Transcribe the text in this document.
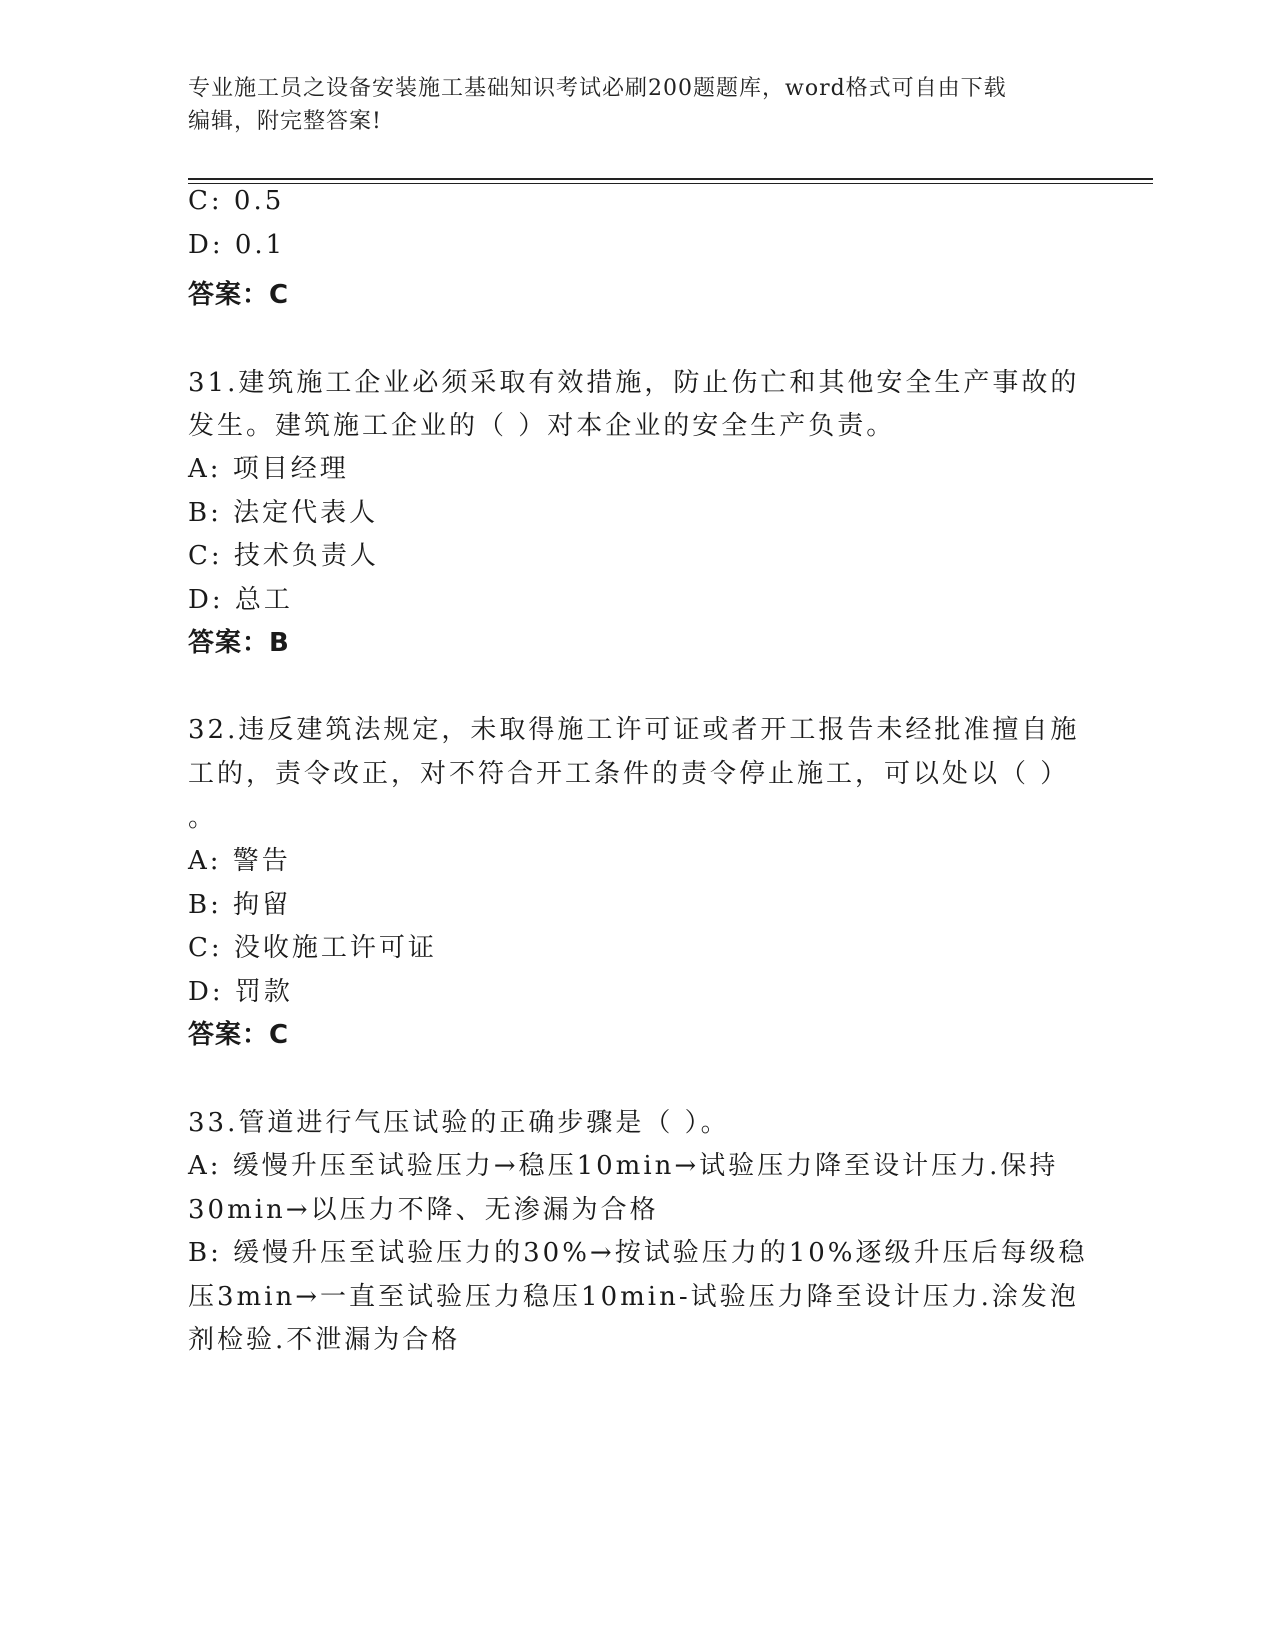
专业施工员之设备安装施工基础知识考试必刷200题题库，word格式可自由下载
编辑，附完整答案!
C: 0.5
D: 0.1
答案：C
31.建筑施工企业必须采取有效措施，防止伤亡和其他安全生产事故的
发生。建筑施工企业的（ ）对本企业的安全生产负责。
A: 项目经理
B: 法定代表人
C: 技术负责人
D: 总工
答案：B
32.违反建筑法规定，未取得施工许可证或者开工报告未经批准擅自施
工的，责令改正，对不符合开工条件的责令停止施工，可以处以（ ）
。
A: 警告
B: 拘留
C: 没收施工许可证
D: 罚款
答案：C
33.管道进行气压试验的正确步骤是（ ）。
A: 缓慢升压至试验压力→稳压10min→试验压力降至设计压力.保持
30min→以压力不降、无渗漏为合格
B: 缓慢升压至试验压力的30%→按试验压力的10%逐级升压后每级稳
压3min→一直至试验压力稳压10min-试验压力降至设计压力.涂发泡
剂检验.不泄漏为合格
